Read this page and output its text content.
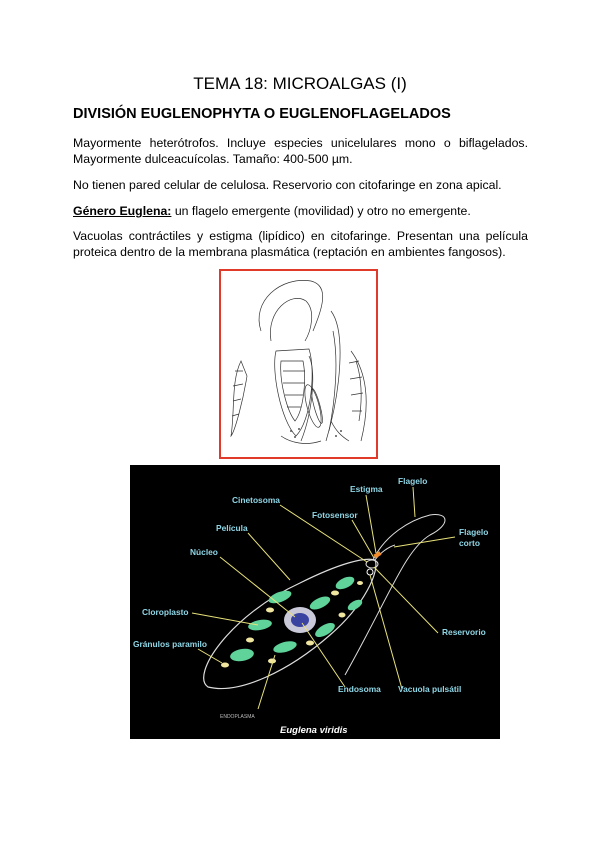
TEMA 18: MICROALGAS (I)
DIVISIÓN EUGLENOPHYTA O EUGLENOFLAGELADOS
Mayormente heterótrofos. Incluye especies unicelulares mono o biflagelados. Mayormente dulceacuícolas. Tamaño: 400-500 µm.
No tienen pared celular de celulosa. Reservorio con citofaringe en zona apical.
Género Euglena: un flagelo emergente (movilidad) y otro no emergente.
Vacuolas contráctiles y estigma (lipídico) en citofaringe. Presentan una película proteica dentro de la membrana plasmática (reptación en ambientes fangosos).
Estigma
Flagelo
Cinetosoma
Fotosensor
Flagelo
corto
Película
Núcleo
Cloroplasto
Gránulos paramilo
Reservorio
Endosoma Vacuola pulsátil
ENDOPLASMA
Euglena viridis
